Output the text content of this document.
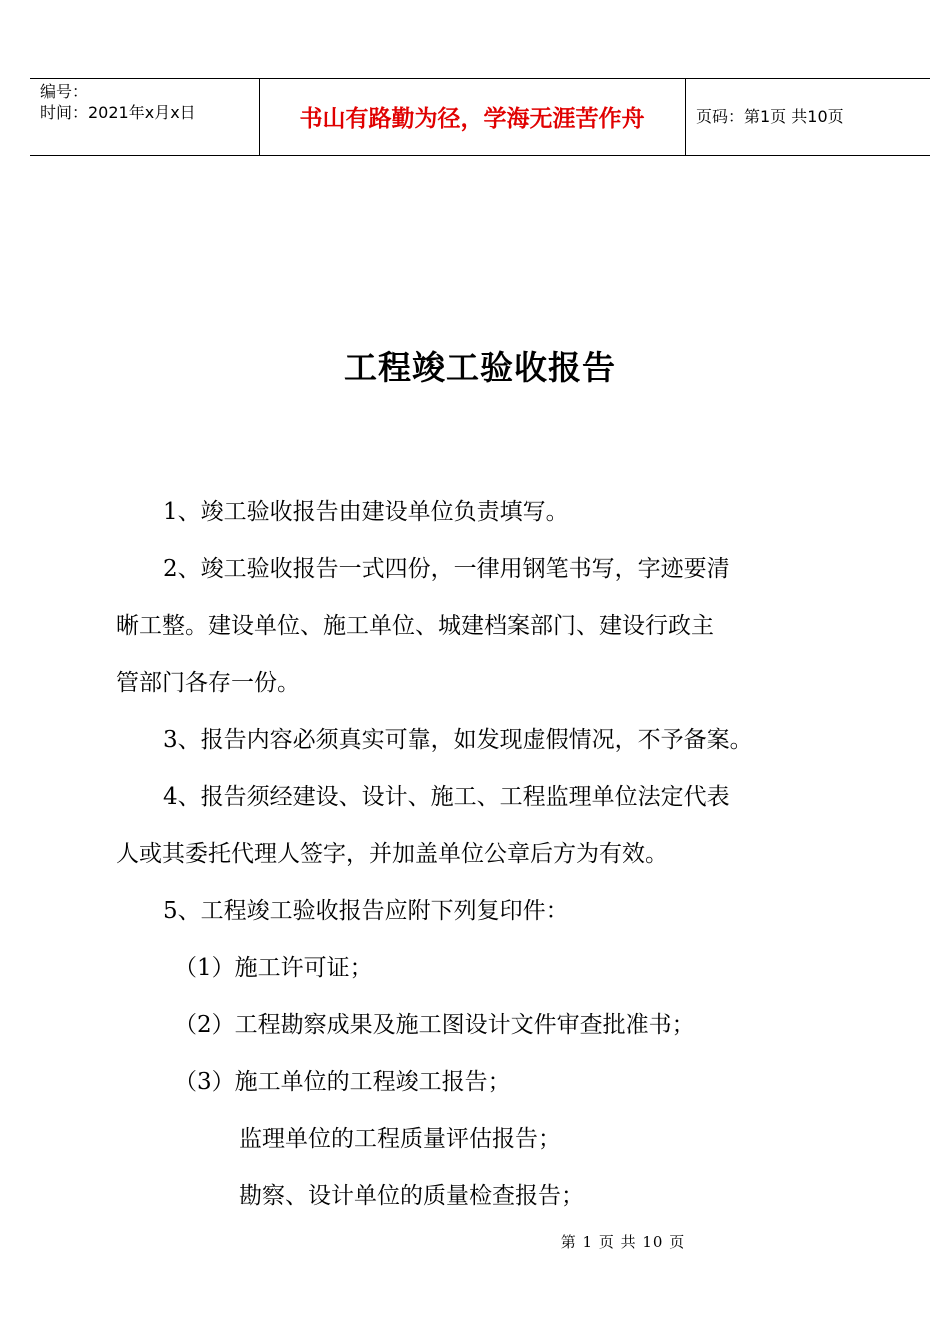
编号：
时间：2021年x月x日	书山有路勤为径，学海无涯苦作舟	页码：第1页 共10页
工程竣工验收报告
1、竣工验收报告由建设单位负责填写。
2、竣工验收报告一式四份，一律用钢笔书写，字迹要清
晰工整。建设单位、施工单位、城建档案部门、建设行政主
管部门各存一份。
3、报告内容必须真实可靠，如发现虚假情况，不予备案。
4、报告须经建设、设计、施工、工程监理单位法定代表
人或其委托代理人签字，并加盖单位公章后方为有效。
5、工程竣工验收报告应附下列复印件：
（1）施工许可证；
（2）工程勘察成果及施工图设计文件审查批准书；
（3）施工单位的工程竣工报告；
监理单位的工程质量评估报告；
勘察、设计单位的质量检查报告；
第 1 页 共 10 页
